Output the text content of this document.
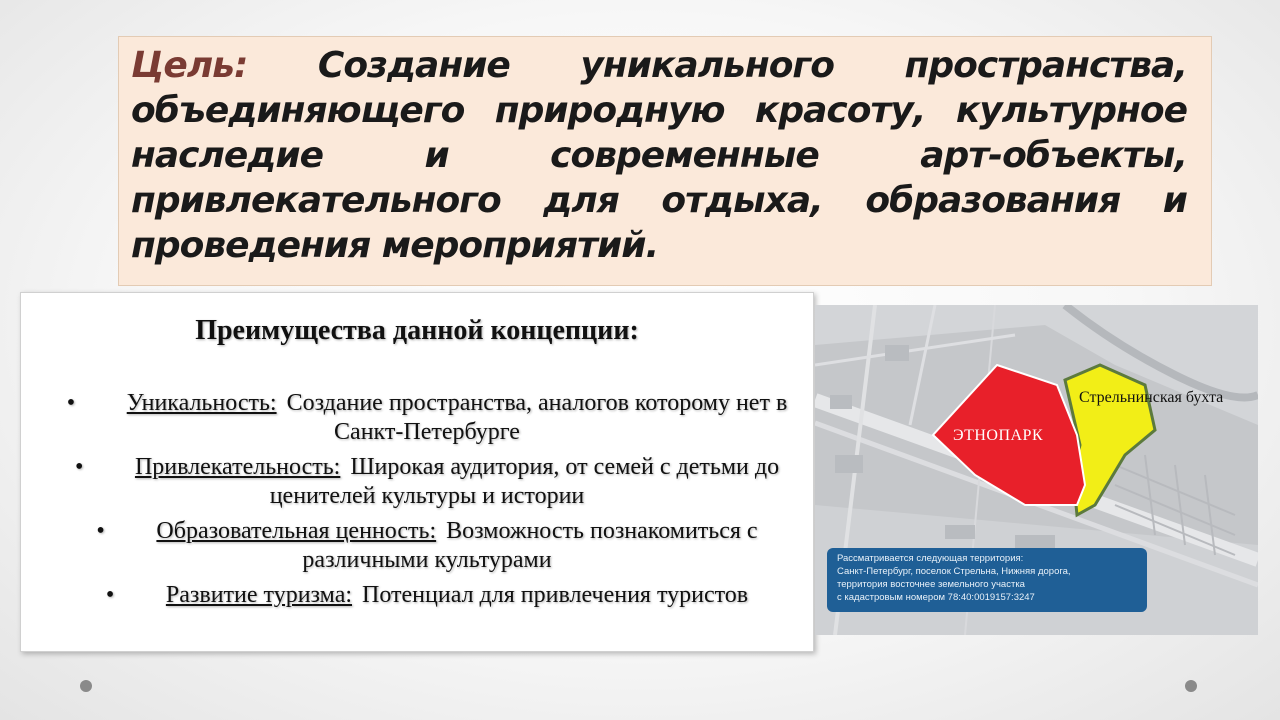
Цель: Создание уникального пространства, объединяющего природную красоту, культурное наследие и современные арт-объекты, привлекательного для отдыха, образования и проведения мероприятий.

Преимущества данной концепции:

• Уникальность: Создание пространства, аналогов которому нет в Санкт-Петербурге

• Привлекательность: Широкая аудитория, от семей с детьми до ценителей культуры и истории

• Образовательная ценность: Возможность познакомиться с различными культурами

• Развитие туризма: Потенциал для привлечения туристов

ЭТНОПАРК
Стрельнинская бухта
Рассматривается следующая территория:
Санкт-Петербург, поселок Стрельна, Нижняя дорога,
территория восточнее земельного участка
с кадастровым номером 78:40:0019157:3247
